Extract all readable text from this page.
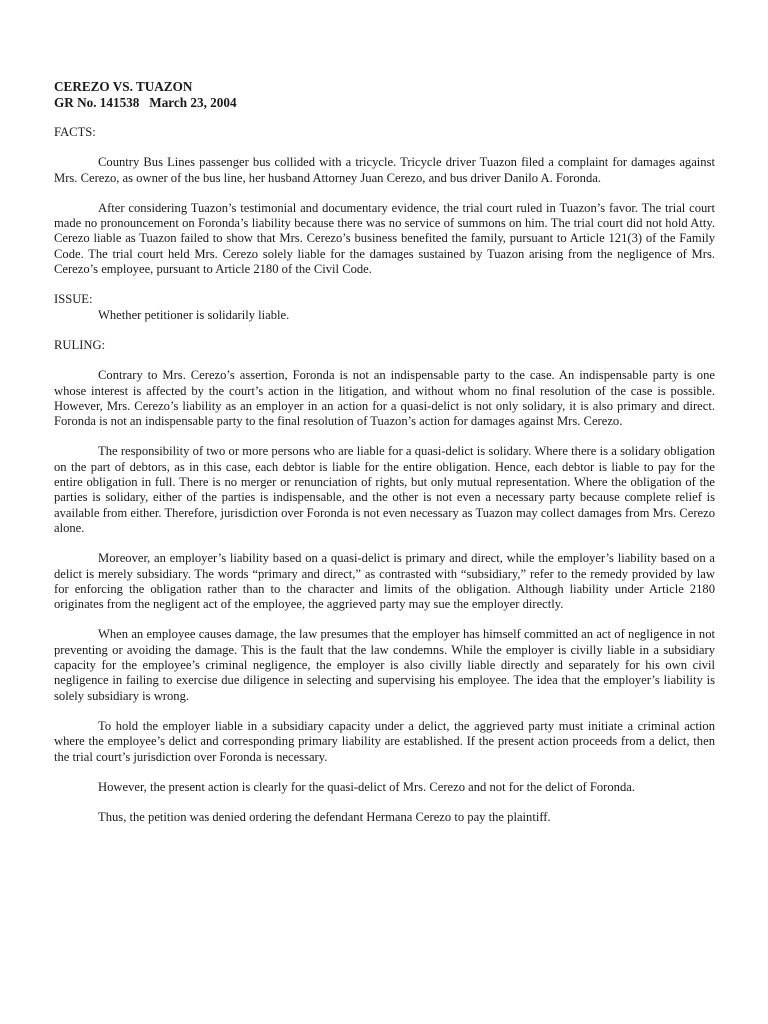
CEREZO VS. TUAZON

GR No. 141538   March 23, 2004

FACTS:

Country Bus Lines passenger bus collided with a tricycle. Tricycle driver Tuazon filed a complaint for damages against Mrs. Cerezo, as owner of the bus line, her husband Attorney Juan Cerezo, and bus driver Danilo A. Foronda.

After considering Tuazon’s testimonial and documentary evidence, the trial court ruled in Tuazon’s favor. The trial court made no pronouncement on Foronda’s liability because there was no service of summons on him. The trial court did not hold Atty. Cerezo liable as Tuazon failed to show that Mrs. Cerezo’s business benefited the family, pursuant to Article 121(3) of the Family Code. The trial court held Mrs. Cerezo solely liable for the damages sustained by Tuazon arising from the negligence of Mrs. Cerezo’s employee, pursuant to Article 2180 of the Civil Code.

ISSUE:

Whether petitioner is solidarily liable.

RULING:

Contrary to Mrs. Cerezo’s assertion, Foronda is not an indispensable party to the case. An indispensable party is one whose interest is affected by the court’s action in the litigation, and without whom no final resolution of the case is possible. However, Mrs. Cerezo’s liability as an employer in an action for a quasi-delict is not only solidary, it is also primary and direct. Foronda is not an indispensable party to the final resolution of Tuazon’s action for damages against Mrs. Cerezo.

The responsibility of two or more persons who are liable for a quasi-delict is solidary. Where there is a solidary obligation on the part of debtors, as in this case, each debtor is liable for the entire obligation. Hence, each debtor is liable to pay for the entire obligation in full. There is no merger or renunciation of rights, but only mutual representation. Where the obligation of the parties is solidary, either of the parties is indispensable, and the other is not even a necessary party because complete relief is available from either. Therefore, jurisdiction over Foronda is not even necessary as Tuazon may collect damages from Mrs. Cerezo alone.

Moreover, an employer’s liability based on a quasi-delict is primary and direct, while the employer’s liability based on a delict is merely subsidiary. The words “primary and direct,” as contrasted with “subsidiary,” refer to the remedy provided by law for enforcing the obligation rather than to the character and limits of the obligation. Although liability under Article 2180 originates from the negligent act of the employee, the aggrieved party may sue the employer directly.

When an employee causes damage, the law presumes that the employer has himself committed an act of negligence in not preventing or avoiding the damage. This is the fault that the law condemns. While the employer is civilly liable in a subsidiary capacity for the employee’s criminal negligence, the employer is also civilly liable directly and separately for his own civil negligence in failing to exercise due diligence in selecting and supervising his employee. The idea that the employer’s liability is solely subsidiary is wrong.

To hold the employer liable in a subsidiary capacity under a delict, the aggrieved party must initiate a criminal action where the employee’s delict and corresponding primary liability are established. If the present action proceeds from a delict, then the trial court’s jurisdiction over Foronda is necessary.

However, the present action is clearly for the quasi-delict of Mrs. Cerezo and not for the delict of Foronda.

Thus, the petition was denied ordering the defendant Hermana Cerezo to pay the plaintiff.
